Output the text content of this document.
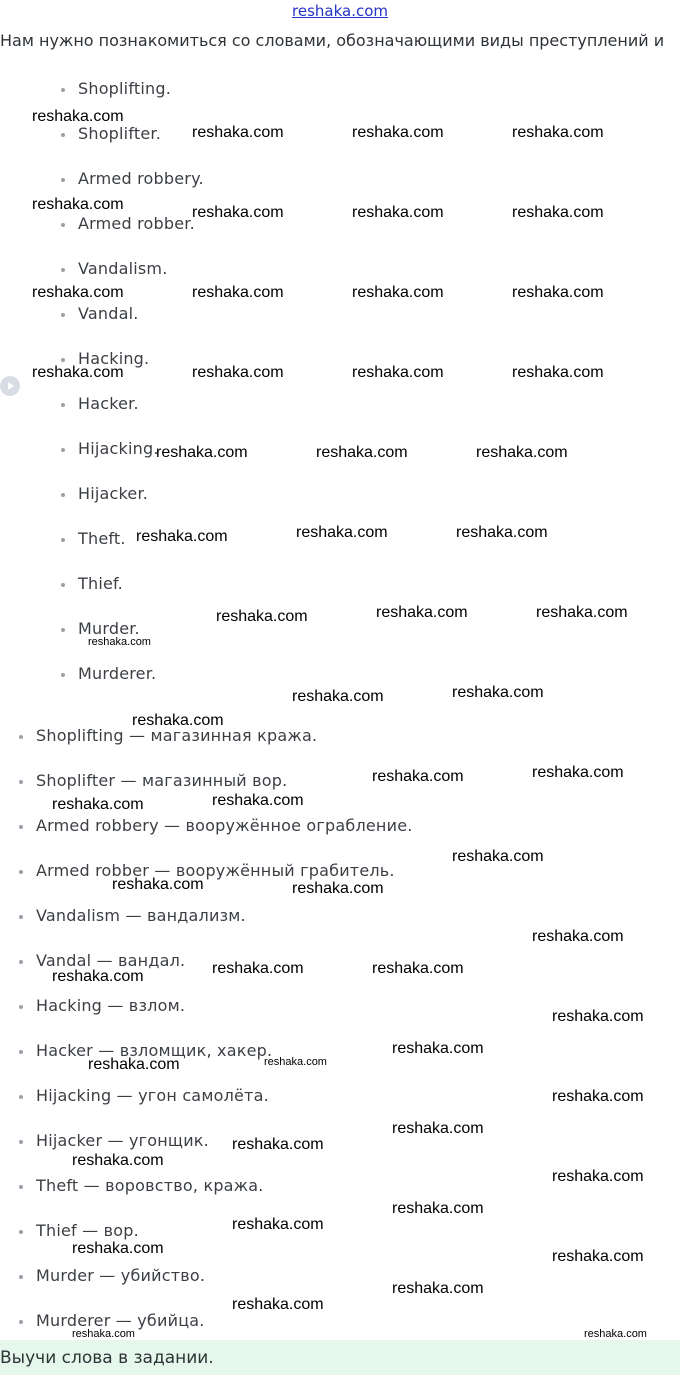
reshaka.com
Нам нужно познакомиться со словами, обозначающими виды преступлений и
Shoplifting.
Shoplifter.
Armed robbery.
Armed robber.
Vandalism.
Vandal.
Hacking.
Hacker.
Hijacking.
Hijacker.
Theft.
Thief.
Murder.
Murderer.
Shoplifting — магазинная кража.
Shoplifter — магазинный вор.
Armed robbery — вооружённое ограбление.
Armed robber — вооружённый грабитель.
Vandalism — вандализм.
Vandal — вандал.
Hacking — взлом.
Hacker — взломщик, хакер.
Hijacking — угон самолёта.
Hijacker — угонщик.
Theft — воровство, кража.
Thief — вор.
Murder — убийство.
Murderer — убийца.
reshaka.com
reshaka.com	reshaka.com	reshaka.com
reshaka.com	reshaka.com	reshaka.com	reshaka.com
reshaka.com	reshaka.com	reshaka.com	reshaka.com
reshaka.com	reshaka.com	reshaka.com	reshaka.com
reshaka.com	reshaka.com	reshaka.com
reshaka.com	reshaka.com	reshaka.com
reshaka.com	reshaka.com	reshaka.com
reshaka.com
reshaka.com	reshaka.com
reshaka.com
reshaka.com	reshaka.com
reshaka.com	reshaka.com
reshaka.com
reshaka.com	reshaka.com
reshaka.com
reshaka.com	reshaka.com	reshaka.com
reshaka.com
reshaka.com
reshaka.com	reshaka.com
reshaka.com
reshaka.com
reshaka.com
reshaka.com
reshaka.com
reshaka.com
reshaka.com
reshaka.com	reshaka.com
reshaka.com
reshaka.com
reshaka.com	reshaka.com
Выучи слова в задании.
